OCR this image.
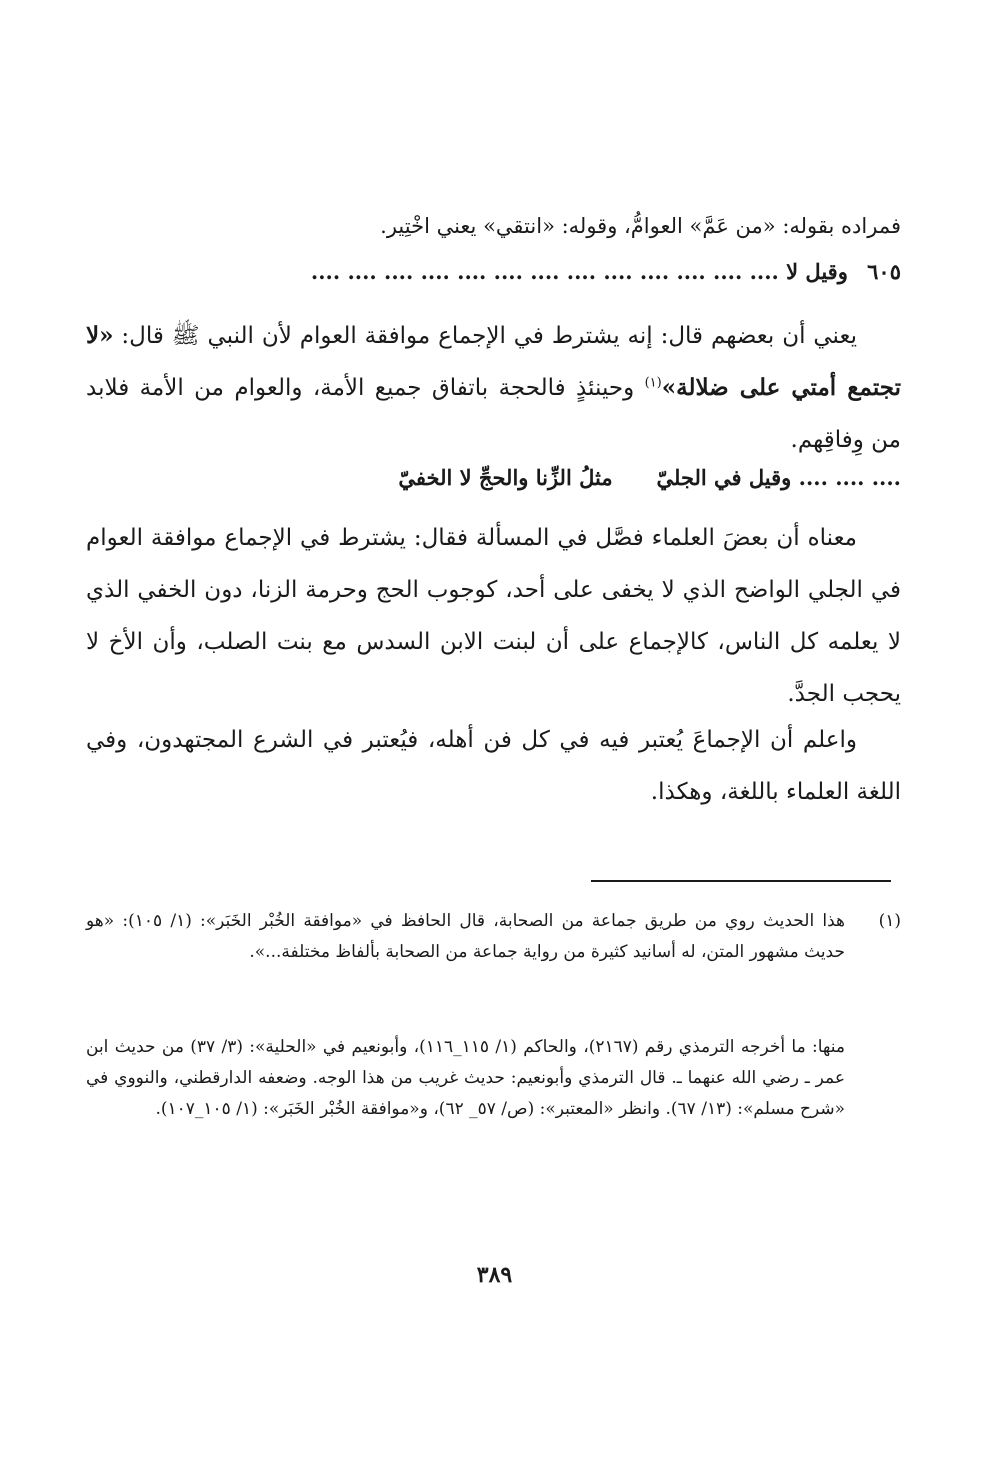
فمراده بقوله: «من عَمَّ» العوامُّ، وقوله: «انتقي» يعني اخْتِير.
٦٠٥ وقيل لا .... .... .... .... .... .... .... .... .... .... .... .... ....
يعني أن بعضهم قال: إنه يشترط في الإجماع موافقة العوام لأن النبي ﷺ قال: «لا تجتمع أمتي على ضلالة»$^{(١)}$ وحينئذٍ فالحجة باتفاق جميع الأمة، والعوام من الأمة فلابد من وِفاقِهم.
.... .... .... وقيل في الجليّ      مثلُ الزِّنا والحجِّ لا الخفيّ
معناه أن بعضَ العلماء فصَّل في المسألة فقال: يشترط في الإجماع موافقة العوام في الجلي الواضح الذي لا يخفى على أحد، كوجوب الحج وحرمة الزنا، دون الخفي الذي لا يعلمه كل الناس، كالإجماع على أن لبنت الابن السدس مع بنت الصلب، وأن الأخ لا يحجب الجدَّ.
واعلم أن الإجماعَ يُعتبر فيه في كل فن أهله، فيُعتبر في الشرع المجتهدون، وفي اللغة العلماء باللغة، وهكذا.
(١)
هذا الحديث روي من طريق جماعة من الصحابة، قال الحافظ في «موافقة الخُبْر الخَبَر»: (١/ ١٠٥): «هو حديث مشهور المتن، له أسانيد كثيرة من رواية جماعة من الصحابة بألفاظ مختلفة...».
منها: ما أخرجه الترمذي رقم (٢١٦٧)، والحاكم (١/ ١١٥_١١٦)، وأبونعيم في «الحلية»: (٣/ ٣٧) من حديث ابن عمر ـ رضي الله عنهما ـ. قال الترمذي وأبونعيم: حديث غريب من هذا الوجه. وضعفه الدارقطني، والنووي في «شرح مسلم»: (١٣/ ٦٧). وانظر «المعتبر»: (ص/ ٥٧_ ٦٢)، و«موافقة الخُبْر الخَبَر»: (١/ ١٠٥_١٠٧).
٣٨٩
